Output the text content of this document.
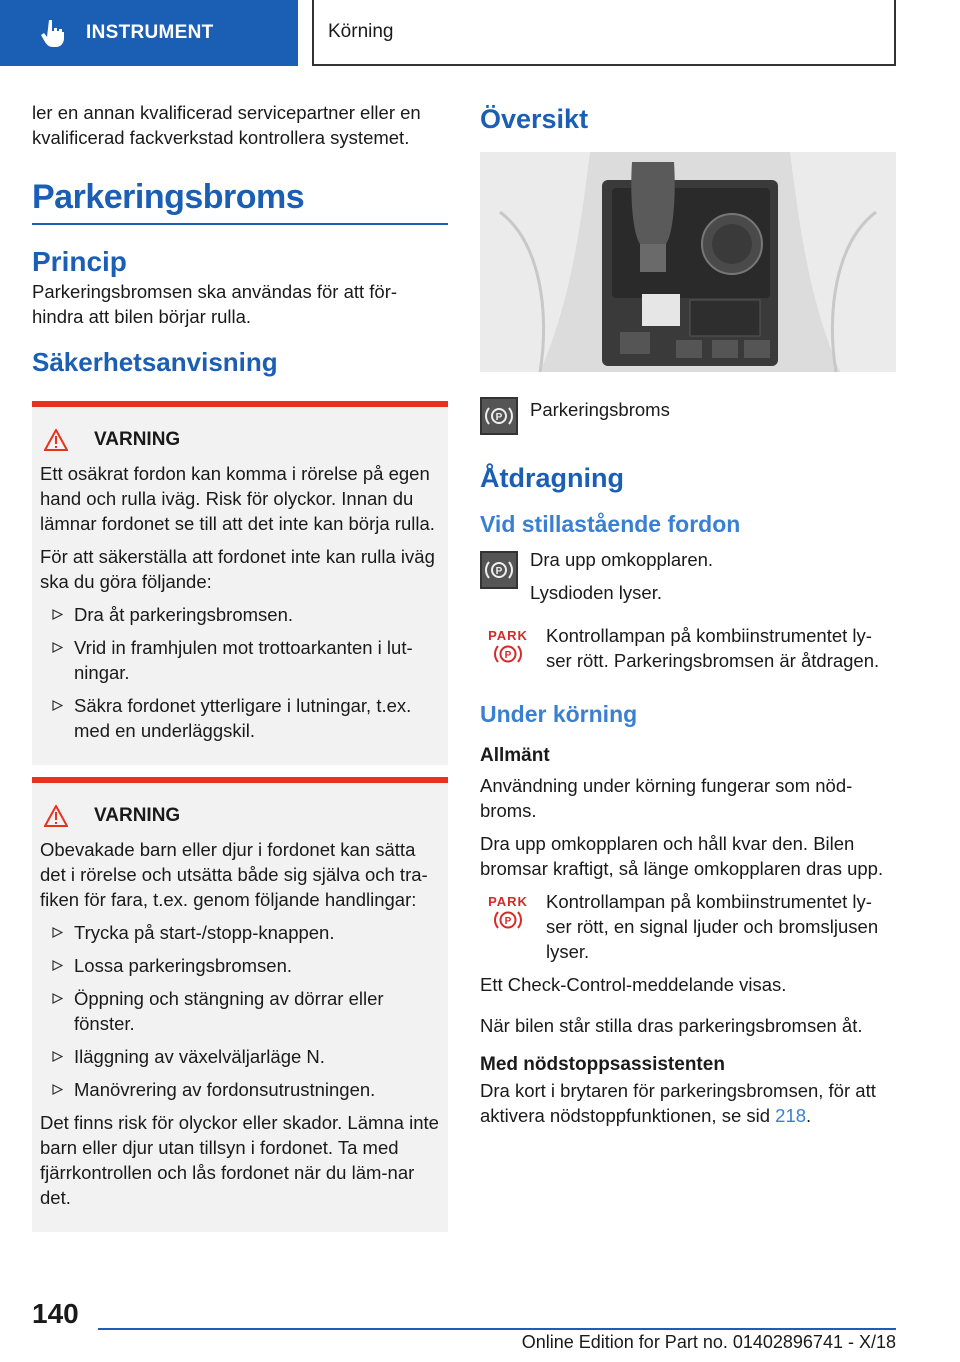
INSTRUMENT	Körning

ler en annan kvalificerad servicepartner eller en kvalificerad fackverkstad kontrollera systemet.

Parkeringsbroms
Princip

Parkeringsbromsen ska användas för att för-hindra att bilen börjar rulla.

Säkerhetsanvisning
VARNING

Ett osäkrat fordon kan komma i rörelse på egen hand och rulla iväg. Risk för olyckor. Innan du lämnar fordonet se till att det inte kan börja rulla.

För att säkerställa att fordonet inte kan rulla iväg ska du göra följande:

Dra åt parkeringsbromsen.
Vrid in framhjulen mot trottoarkanten i lut-ningar.
Säkra fordonet ytterligare i lutningar, t.ex. med en underläggskil.
VARNING

Obevakade barn eller djur i fordonet kan sätta det i rörelse och utsätta både sig själva och tra-fiken för fara, t.ex. genom följande handlingar:

Trycka på start-/stopp-knappen.
Lossa parkeringsbromsen.
Öppning och stängning av dörrar eller fönster.
Iläggning av växelväljarläge N.
Manövrering av fordonsutrustningen.

Det finns risk för olyckor eller skador. Lämna inte barn eller djur utan tillsyn i fordonet. Ta med fjärrkontrollen och lås fordonet när du läm-nar det.

Översikt
P Parkeringsbroms
Åtdragning
Vid stillastående fordon
P

Dra upp omkopplaren.

Lysdioden lyser.

PARK
P

Kontrollampan på kombiinstrumentet ly-ser rött. Parkeringsbromsen är åtdragen.

Under körning
Allmänt

Användning under körning fungerar som nöd-broms.

Dra upp omkopplaren och håll kvar den. Bilen bromsar kraftigt, så länge omkopplaren dras upp.

PARK
P

Kontrollampan på kombiinstrumentet ly-ser rött, en signal ljuder och bromsljusen lyser.

Ett Check-Control-meddelande visas.

När bilen står stilla dras parkeringsbromsen åt.

Med nödstoppsassistenten

Dra kort i brytaren för parkeringsbromsen, för att aktivera nödstoppfunktionen, se sid 218.

140
Online Edition for Part no. 01402896741 - X/18
